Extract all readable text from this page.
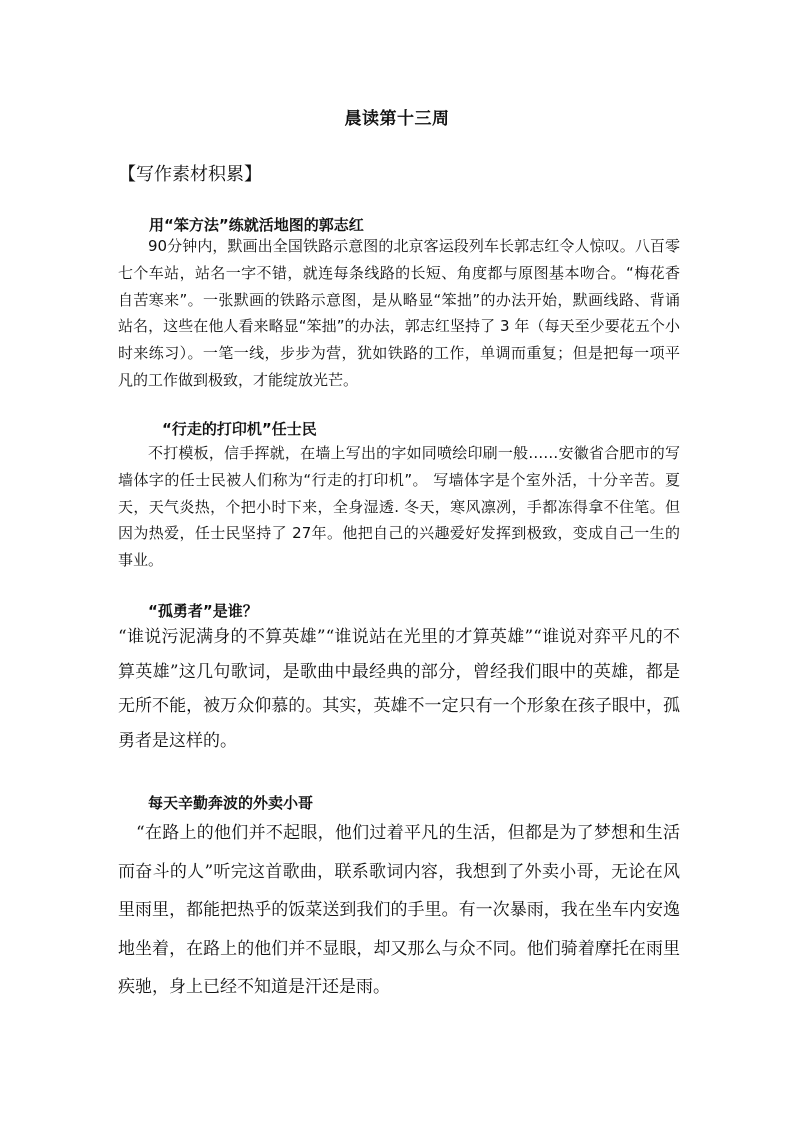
晨读第十三周
【写作素材积累】
用“笨方法”练就活地图的郭志红
90分钟内，默画出全国铁路示意图的北京客运段列车长郭志红令人惊叹。八百零七个车站，站名一字不错，就连每条线路的长短、角度都与原图基本吻合。“梅花香自苦寒来”。一张默画的铁路示意图，是从略显“笨拙”的办法开始，默画线路、背诵站名，这些在他人看来略显“笨拙”的办法，郭志红坚持了 3 年（每天至少要花五个小时来练习）。一笔一线，步步为营，犹如铁路的工作，单调而重复；但是把每一项平凡的工作做到极致，才能绽放光芒。
“行走的打印机”任士民
不打模板，信手挥就，在墙上写出的字如同喷绘印刷一般……安徽省合肥市的写墙体字的任士民被人们称为“行走的打印机”。 写墙体字是个室外活，十分辛苦。夏天，天气炎热，个把小时下来，全身湿透. 冬天，寒风凛冽，手都冻得拿不住笔。但因为热爱，任士民坚持了 27年。他把自己的兴趣爱好发挥到极致，变成自己一生的事业。
“孤勇者”是谁？
“谁说污泥满身的不算英雄”“谁说站在光里的才算英雄”“谁说对弈平凡的不算英雄”这几句歌词，是歌曲中最经典的部分，曾经我们眼中的英雄，都是无所不能，被万众仰慕的。其实，英雄不一定只有一个形象在孩子眼中，孤勇者是这样的。
每天辛勤奔波的外卖小哥
“在路上的他们并不起眼，他们过着平凡的生活，但都是为了梦想和生活而奋斗的人”听完这首歌曲，联系歌词内容，我想到了外卖小哥，无论在风里雨里，都能把热乎的饭菜送到我们的手里。有一次暴雨，我在坐车内安逸地坐着，在路上的他们并不显眼，却又那么与众不同。他们骑着摩托在雨里疾驰，身上已经不知道是汗还是雨。
